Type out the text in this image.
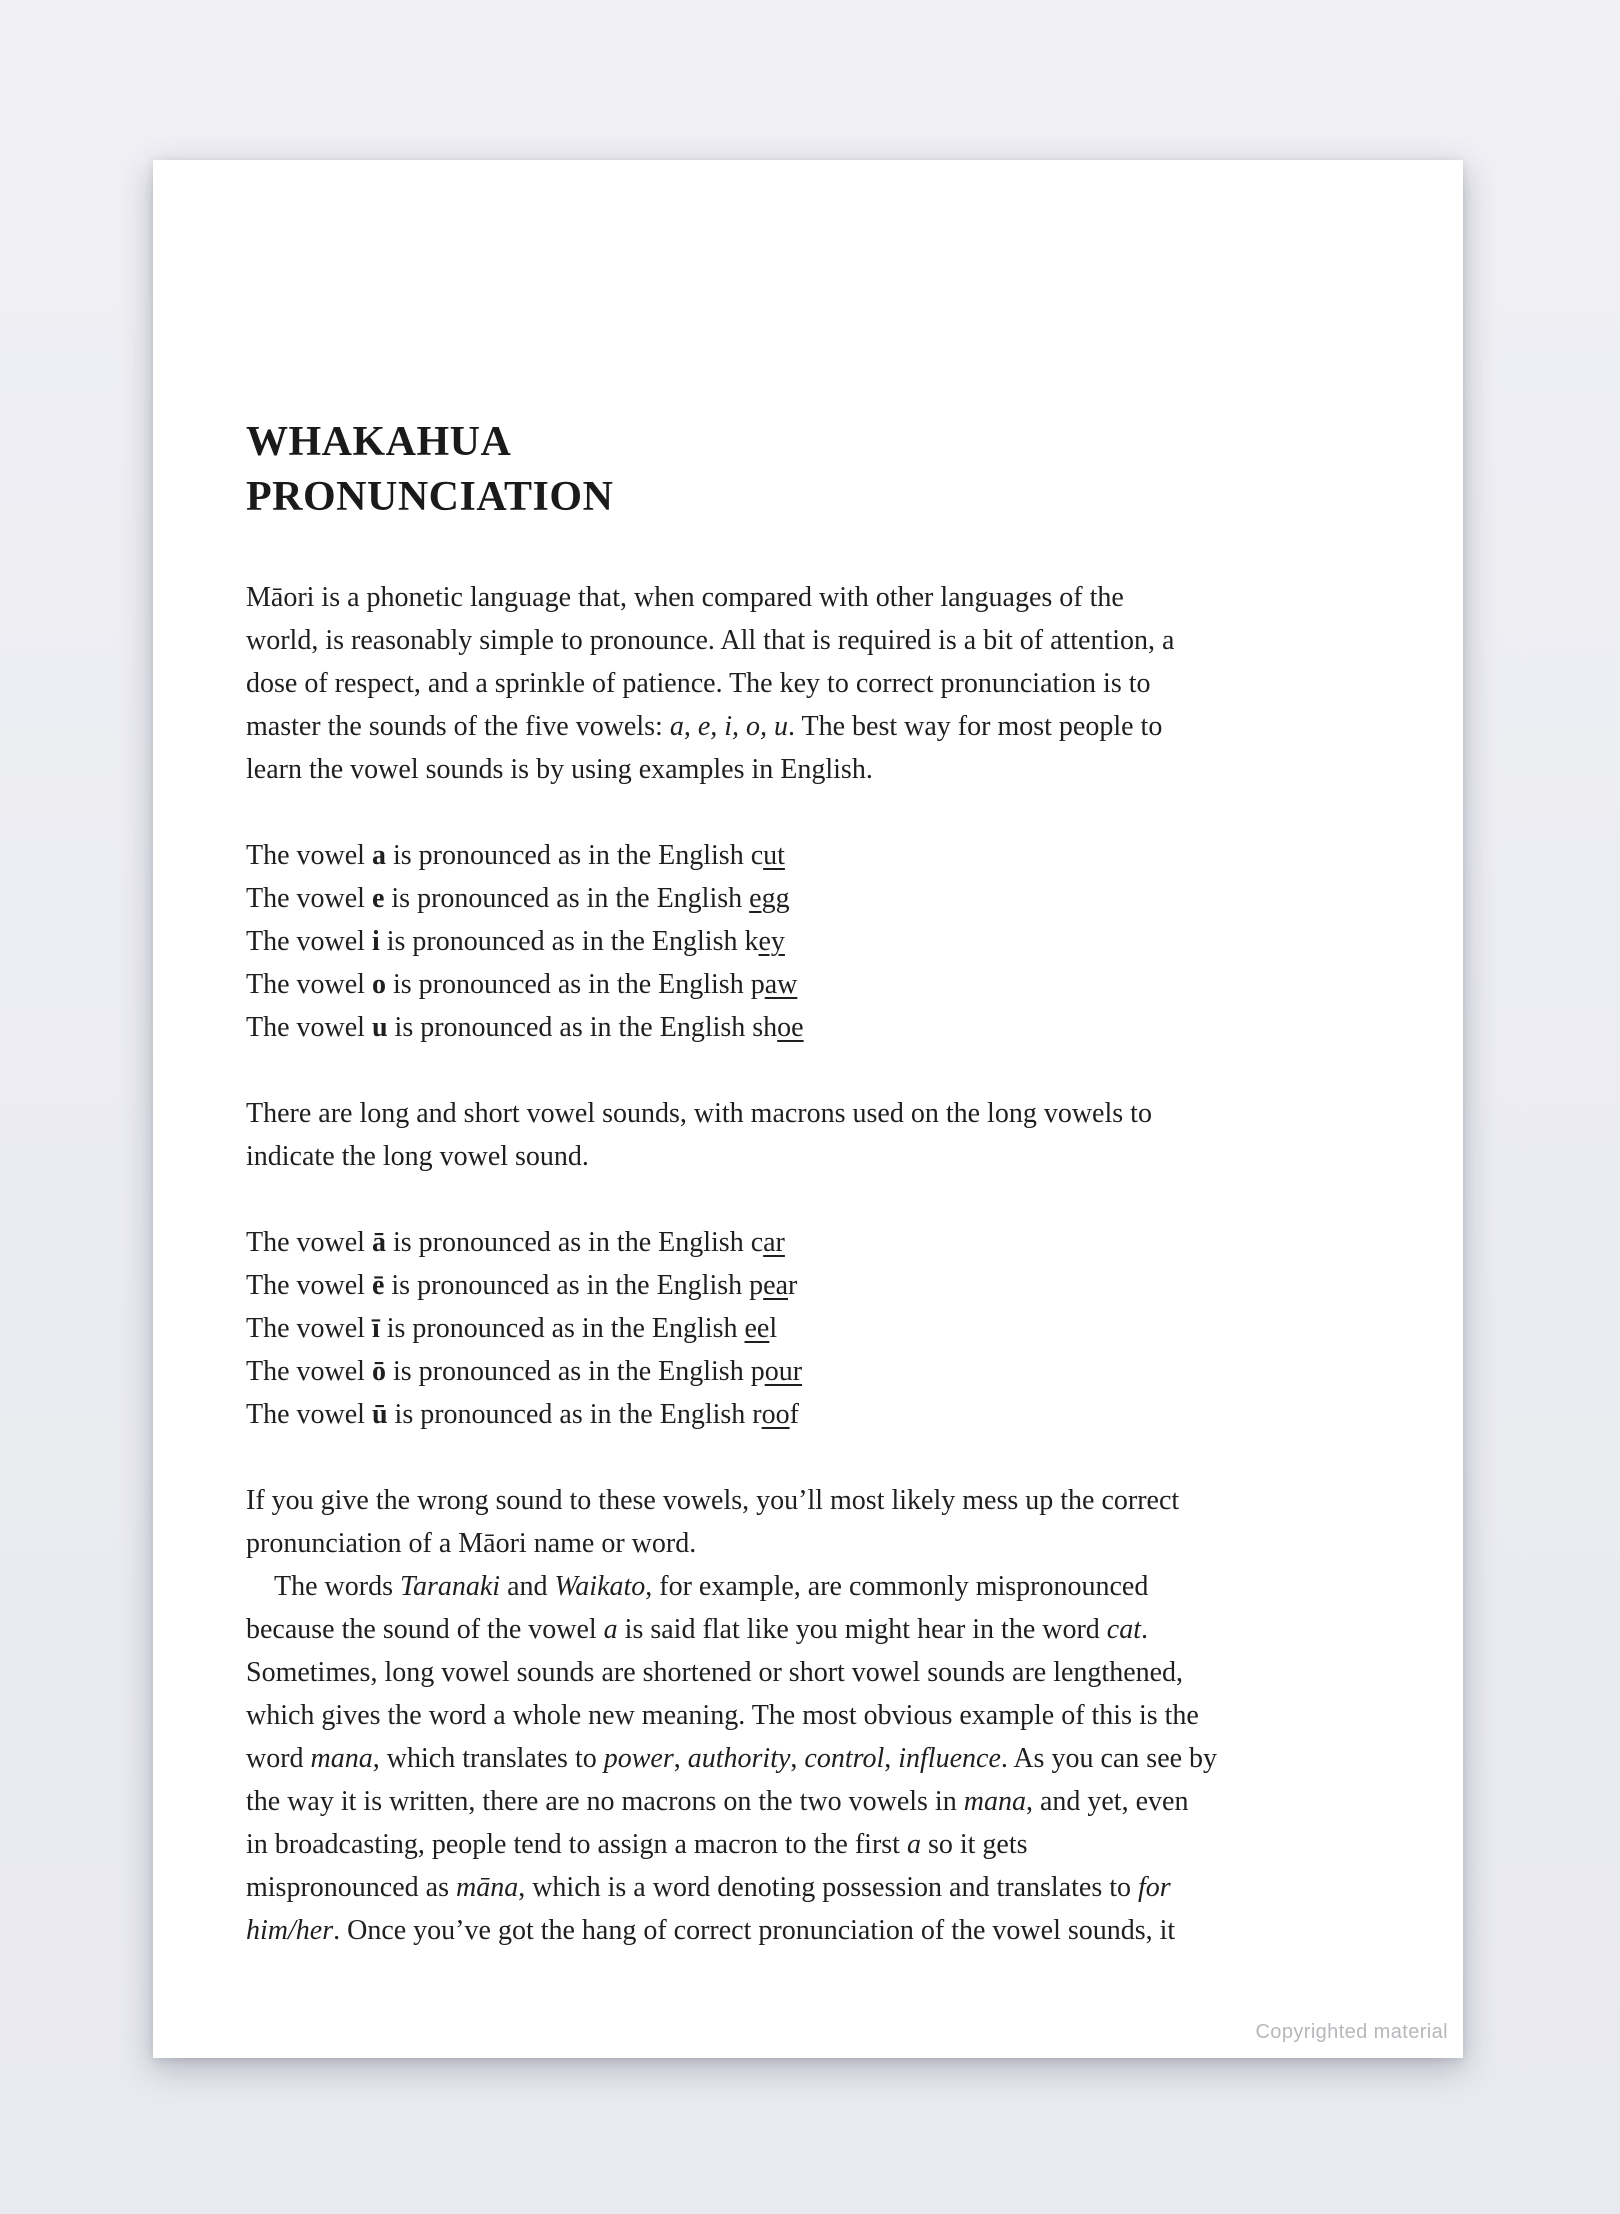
WHAKAHUA
PRONUNCIATION
Māori is a phonetic language that, when compared with other languages of the
world, is reasonably simple to pronounce. All that is required is a bit of attention, a
dose of respect, and a sprinkle of patience. The key to correct pronunciation is to
master the sounds of the five vowels: a, e, i, o, u. The best way for most people to
learn the vowel sounds is by using examples in English.
The vowel a is pronounced as in the English cut
The vowel e is pronounced as in the English egg
The vowel i is pronounced as in the English key
The vowel o is pronounced as in the English paw
The vowel u is pronounced as in the English shoe
There are long and short vowel sounds, with macrons used on the long vowels to
indicate the long vowel sound.
The vowel ā is pronounced as in the English car
The vowel ē is pronounced as in the English pear
The vowel ī is pronounced as in the English eel
The vowel ō is pronounced as in the English pour
The vowel ū is pronounced as in the English roof
If you give the wrong sound to these vowels, you’ll most likely mess up the correct
pronunciation of a Māori name or word.
The words Taranaki and Waikato, for example, are commonly mispronounced
because the sound of the vowel a is said flat like you might hear in the word cat.
Sometimes, long vowel sounds are shortened or short vowel sounds are lengthened,
which gives the word a whole new meaning. The most obvious example of this is the
word mana, which translates to power, authority, control, influence. As you can see by
the way it is written, there are no macrons on the two vowels in mana, and yet, even
in broadcasting, people tend to assign a macron to the first a so it gets
mispronounced as māna, which is a word denoting possession and translates to for
him/her. Once you’ve got the hang of correct pronunciation of the vowel sounds, it
Copyrighted material
